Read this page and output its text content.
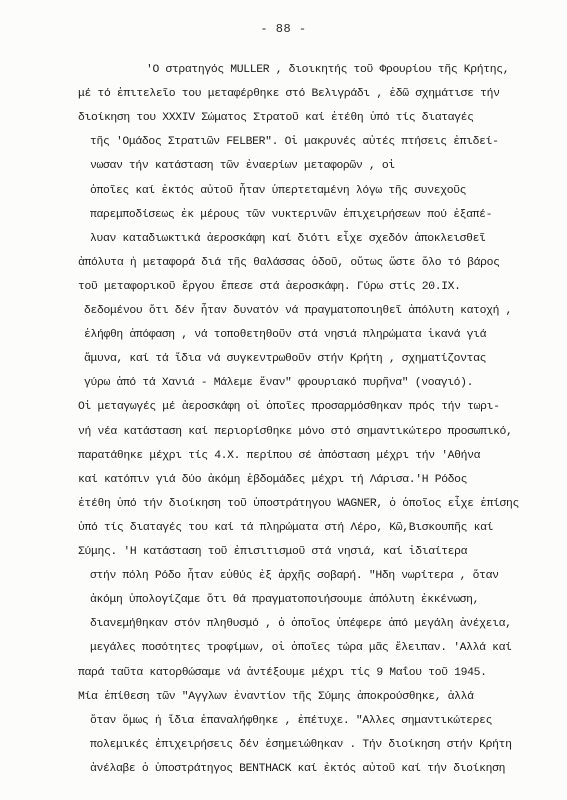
- 88 -
'Ο στρατηγός MULLER , διοικητής τοῦ Φρουρίου τῆς Κρήτης,
μέ τό ἐπιτελεῖο του μεταφέρθηκε στό Βελιγράδι , ἐδῶ σχημάτισε τήν
διοίκηση του XXXIV Σώματος Στρατοῦ καί ἐτέθη ὑπό τίς διαταγές
τῆς 'Ομάδος Στρατιῶν FELBER". Οἱ μακρυνές αὐτές πτήσεις ἐπιδεί-
νωσαν τήν κατάσταση τῶν ἐναερίων μεταφορῶν , οἱ
ὁποῖες καί ἐκτός αὐτοῦ ἦταν ὑπερτεταμένη λόγω τῆς συνεχοῦς
παρεμποδίσεως ἐκ μέρους τῶν νυκτερινῶν ἐπιχειρήσεων πού ἐξαπέ-
λυαν καταδιωκτικά ἀεροσκάφη καί διότι εἶχε σχεδόν ἀποκλεισθεῖ
ἀπόλυτα ἡ μεταφορά διά τῆς θαλάσσας ὁδοῦ, οὕτως ὥστε ὅλο τό βάρος
τοῦ μεταφορικοῦ ἔργου ἔπεσε στά ἀεροσκάφη. Γύρω στίς 20.IX.
δεδομένου ὅτι δέν ἦταν δυνατόν νά πραγματοποιηθεῖ ἀπόλυτη κατοχή ,
ἐλήφθη ἀπόφαση , νά τοποθετηθοῦν στά νησιά πληρώματα ἱκανά γιά
ἄμυνα, καί τά ἴδια νά συγκεντρωθοῦν στήν Κρήτη , σχηματίζοντας
γύρω ἀπό τά Χανιά - Μάλεμε ἕναν" φρουριακό πυρῆνα" (νοαγιό).
Οἱ μεταγωγές μέ ἀεροσκάφη οἱ ὁποῖες προσαρμόσθηκαν πρός τήν τωρι-
νή νέα κατάσταση καί περιορίσθηκε μόνο στό σημαντικώτερο προσωπικό,
παρατάθηκε μέχρι τίς 4.Χ. περίπου σέ ἀπόσταση μέχρι τήν 'Αθήνα
καί κατόπιν γιά δύο ἀκόμη ἑβδομάδες μέχρι τή Λάρισα.'Η Ρόδος
ἐτέθη ὑπό τήν διοίκηση τοῦ ὑποστράτηγου WAGNER, ὁ ὁποῖος εἶχε ἐπίσης
ὑπό τίς διαταγές του καί τά πληρώματα στή Λέρο, Κῶ,Βισκουπῆς καί
Σύμης. 'Η κατάσταση τοῦ ἐπισιτισμοῦ στά νησιά, καί ἰδιαίτερα
στήν πόλη Ρόδο ἦταν εὐθύς ἐξ ἀρχῆς σοβαρή. "Ηδη νωρίτερα , ὅταν
ἀκόμη ὑπολογίζαμε ὅτι θά πραγματοποιήσουμε ἀπόλυτη ἐκκένωση,
διανεμήθηκαν στόν πληθυσμό , ὁ ὁποῖος ὑπέφερε ἀπό μεγάλη ἀνέχεια,
μεγάλες ποσότητες τροφίμων, οἱ ὁποῖες τώρα μᾶς ἔλειπαν. 'Αλλά καί
παρά ταῦτα κατορθώσαμε νά ἀντέξουμε μέχρι τίς 9 Μαΐου τοῦ 1945.
Μία ἐπίθεση τῶν "Αγγλων ἐναντίον τῆς Σύμης ἀποκρούσθηκε, ἀλλά
ὅταν ὅμως ἡ ἴδια ἐπαναλήφθηκε , ἐπέτυχε. "Αλλες σημαντικώτερες
πολεμικές ἐπιχειρήσεις δέν ἐσημειώθηκαν . Τήν διοίκηση στήν Κρήτη
ἀνέλαβε ὁ ὑποστράτηγος BENTHACK καί ἐκτός αὐτοῦ καί τήν διοίκηση
